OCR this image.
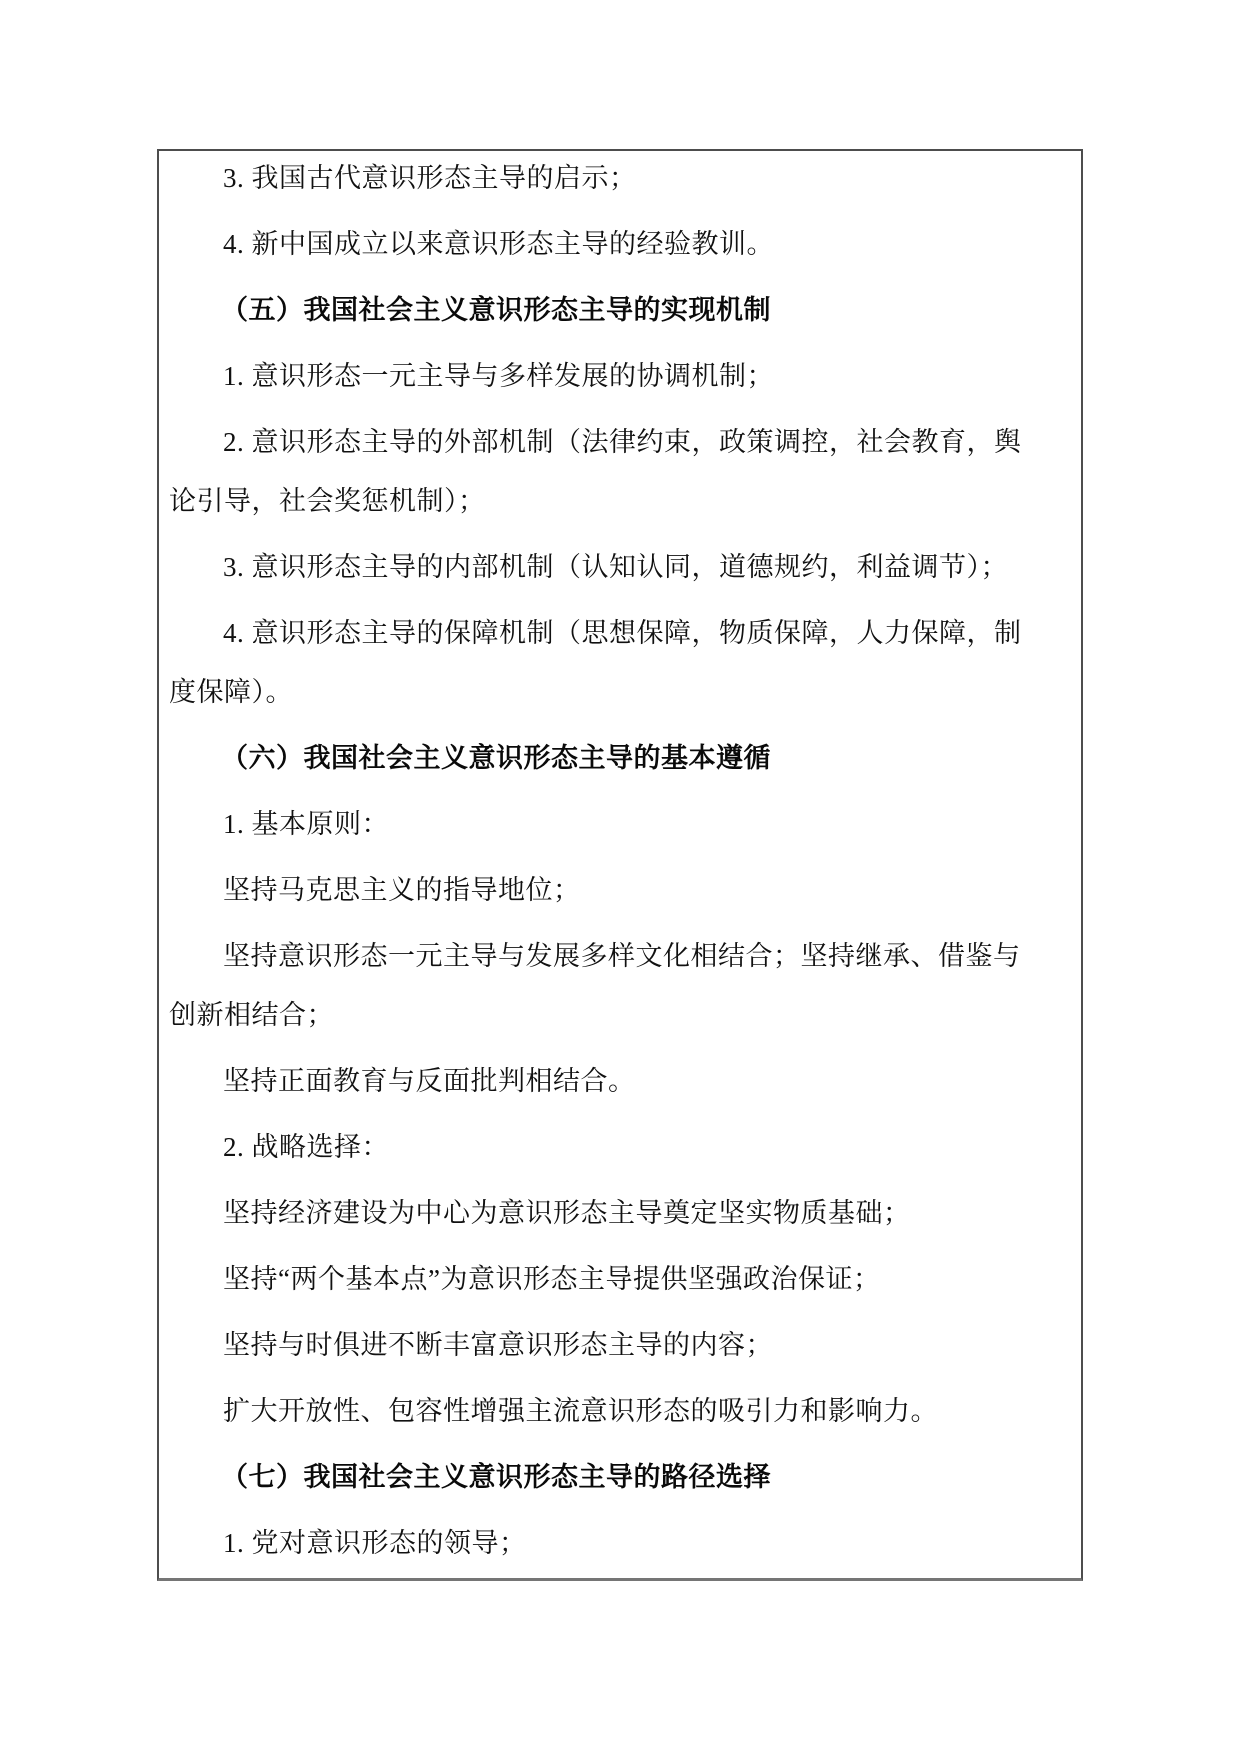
3. 我国古代意识形态主导的启示；
4. 新中国成立以来意识形态主导的经验教训。
（五）我国社会主义意识形态主导的实现机制
1. 意识形态一元主导与多样发展的协调机制；
2. 意识形态主导的外部机制（法律约束，政策调控，社会教育，舆
论引导，社会奖惩机制）；
3. 意识形态主导的内部机制（认知认同，道德规约，利益调节）；
4. 意识形态主导的保障机制（思想保障，物质保障，人力保障，制
度保障）。
（六）我国社会主义意识形态主导的基本遵循
1. 基本原则：
坚持马克思主义的指导地位；
坚持意识形态一元主导与发展多样文化相结合；坚持继承、借鉴与
创新相结合；
坚持正面教育与反面批判相结合。
2. 战略选择：
坚持经济建设为中心为意识形态主导奠定坚实物质基础；
坚持“两个基本点”为意识形态主导提供坚强政治保证；
坚持与时俱进不断丰富意识形态主导的内容；
扩大开放性、包容性增强主流意识形态的吸引力和影响力。
（七）我国社会主义意识形态主导的路径选择
1. 党对意识形态的领导；
